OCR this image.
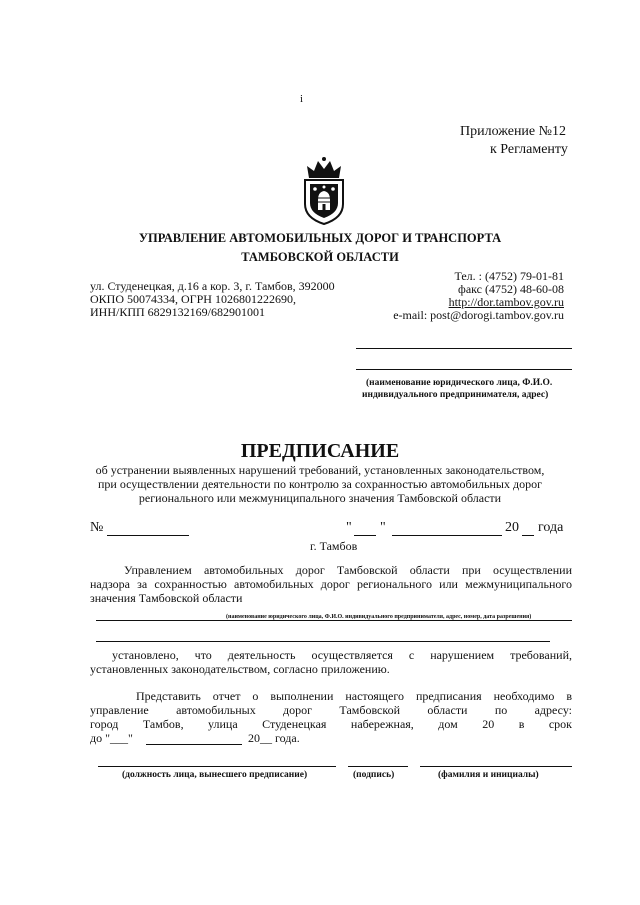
i
Приложение №12
к Регламенту
УПРАВЛЕНИЕ АВТОМОБИЛЬНЫХ ДОРОГ И ТРАНСПОРТА
ТАМБОВСКОЙ ОБЛАСТИ
ул. Студенецкая, д.16 а кор. 3, г. Тамбов, 392000
ОКПО 50074334, ОГРН 1026801222690,
ИНН/КПП 6829132169/682901001
Тел. : (4752) 79-01-81
факс (4752) 48-60-08
http://dor.tambov.gov.ru
e-mail: post@dorogi.tambov.gov.ru
(наименование юридического лица, Ф.И.О.
индивидуального предпринимателя, адрес)
ПРЕДПИСАНИЕ
об устранении выявленных нарушений требований, установленных законодательством,
при осуществлении деятельности по контролю за сохранностью автомобильных дорог
регионального или межмуниципального значения Тамбовской области
№	" "	20 года
г. Тамбов
Управлением автомобильных дорог Тамбовской области при осуществлении
надзора за сохранностью автомобильных дорог регионального или межмуниципального
значения Тамбовской области
(наименование юридического лица, Ф.И.О. индивидуального предпринимателя, адрес, номер, дата разрешения)
установлено, что деятельность осуществляется с нарушением требований,
установленных законодательством, согласно приложению.
Представить отчет о выполнении настоящего предписания необходимо в
управление автомобильных дорог Тамбовской области по адресу:
город Тамбов, улица Студенецкая набережная, дом 20 в срок
до "___"	20__ года.
(должность лица, вынесшего предписание)	(подпись)	(фамилия и инициалы)
